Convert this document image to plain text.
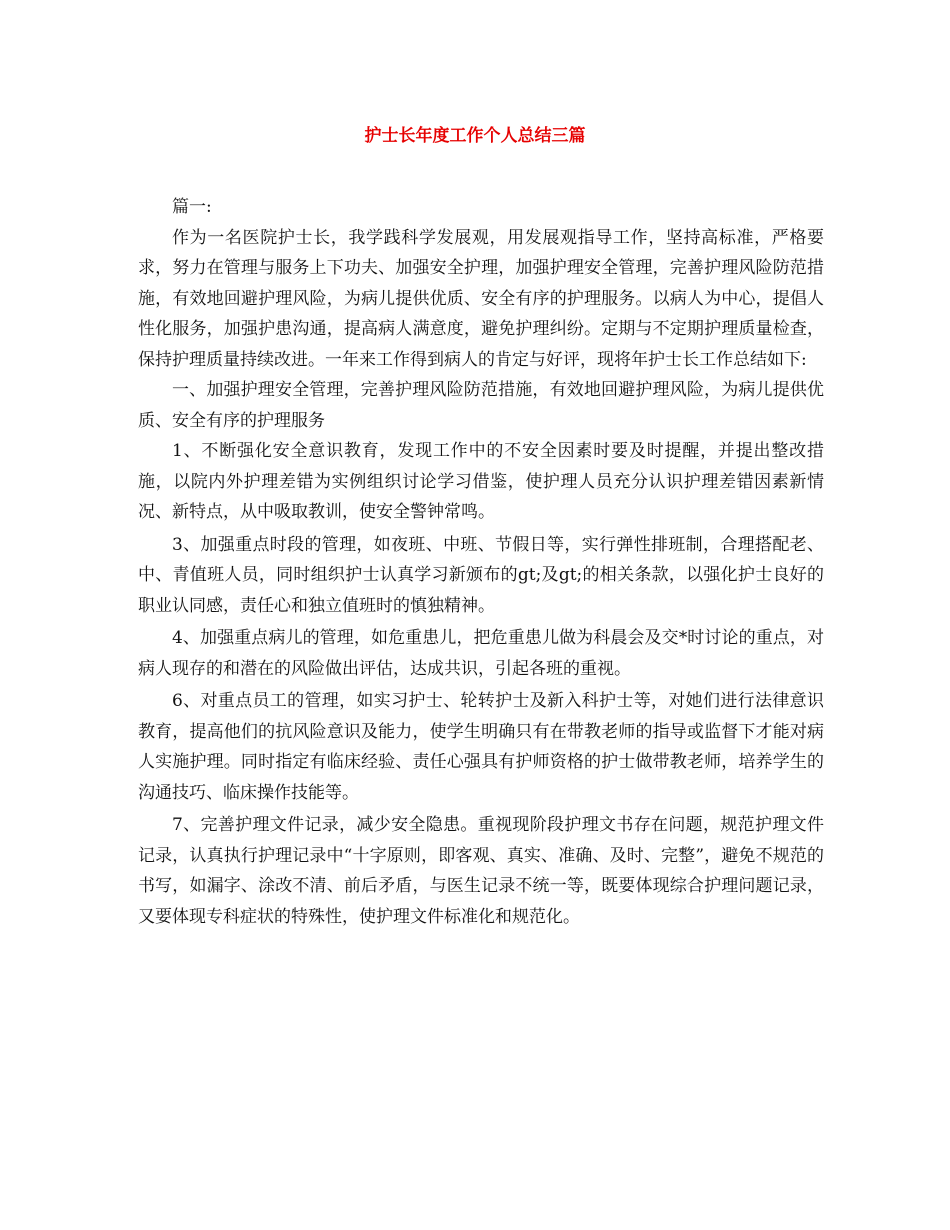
护士长年度工作个人总结三篇

篇一:

作为一名医院护士长，我学践科学发展观，用发展观指导工作，坚持高标准，严格要求，努力在管理与服务上下功夫、加强安全护理，加强护理安全管理，完善护理风险防范措施，有效地回避护理风险，为病儿提供优质、安全有序的护理服务。以病人为中心，提倡人性化服务，加强护患沟通，提高病人满意度，避免护理纠纷。定期与不定期护理质量检查，保持护理质量持续改进。一年来工作得到病人的肯定与好评，现将年护士长工作总结如下:

一、加强护理安全管理，完善护理风险防范措施，有效地回避护理风险，为病儿提供优质、安全有序的护理服务

1、不断强化安全意识教育，发现工作中的不安全因素时要及时提醒，并提出整改措施，以院内外护理差错为实例组织讨论学习借鉴，使护理人员充分认识护理差错因素新情况、新特点，从中吸取教训，使安全警钟常鸣。

3、加强重点时段的管理，如夜班、中班、节假日等，实行弹性排班制，合理搭配老、中、青值班人员，同时组织护士认真学习新颁布的gt;及gt;的相关条款，以强化护士良好的职业认同感，责任心和独立值班时的慎独精神。

4、加强重点病儿的管理，如危重患儿，把危重患儿做为科晨会及交*时讨论的重点，对病人现存的和潜在的风险做出评估，达成共识，引起各班的重视。

6、对重点员工的管理，如实习护士、轮转护士及新入科护士等，对她们进行法律意识教育，提高他们的抗风险意识及能力，使学生明确只有在带教老师的指导或监督下才能对病人实施护理。同时指定有临床经验、责任心强具有护师资格的护士做带教老师，培养学生的沟通技巧、临床操作技能等。

7、完善护理文件记录，减少安全隐患。重视现阶段护理文书存在问题，规范护理文件记录，认真执行护理记录中“十字原则，即客观、真实、准确、及时、完整”，避免不规范的书写，如漏字、涂改不清、前后矛盾，与医生记录不统一等，既要体现综合护理问题记录，又要体现专科症状的特殊性，使护理文件标准化和规范化。
